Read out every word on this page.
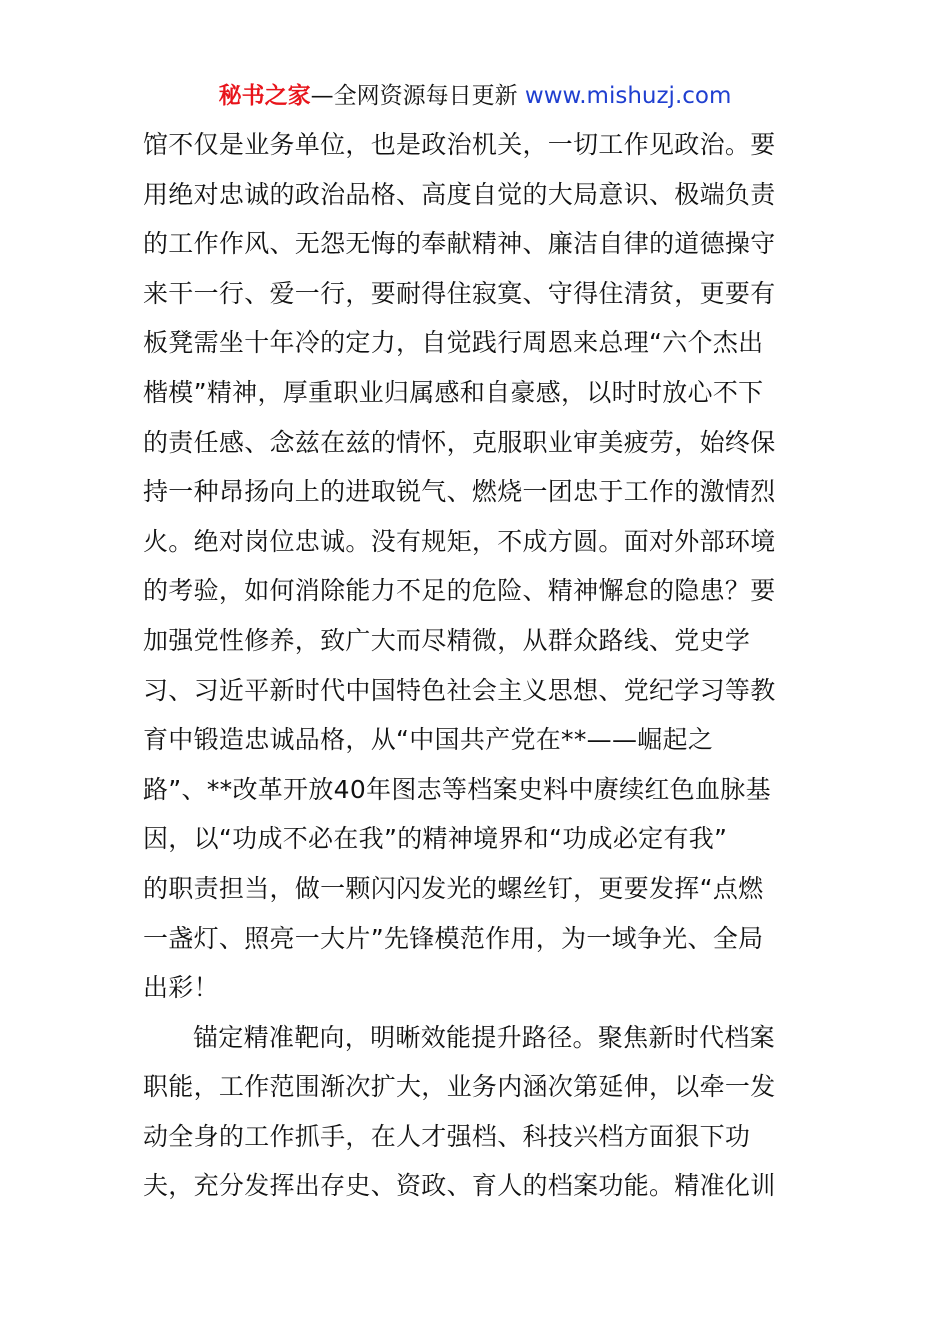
秘书之家—全网资源每日更新 www.mishuzj.com
馆不仅是业务单位，也是政治机关，一切工作见政治。要
用绝对忠诚的政治品格、高度自觉的大局意识、极端负责
的工作作风、无怨无悔的奉献精神、廉洁自律的道德操守
来干一行、爱一行，要耐得住寂寞、守得住清贫，更要有
板凳需坐十年冷的定力，自觉践行周恩来总理“六个杰出
楷模”精神，厚重职业归属感和自豪感，以时时放心不下
的责任感、念兹在兹的情怀，克服职业审美疲劳，始终保
持一种昂扬向上的进取锐气、燃烧一团忠于工作的激情烈
火。绝对岗位忠诚。没有规矩，不成方圆。面对外部环境
的考验，如何消除能力不足的危险、精神懈怠的隐患？要
加强党性修养，致广大而尽精微，从群众路线、党史学
习、习近平新时代中国特色社会主义思想、党纪学习等教
育中锻造忠诚品格，从“中国共产党在**——崛起之
路”、**改革开放40年图志等档案史料中赓续红色血脉基
因，以“功成不必在我”的精神境界和“功成必定有我”
的职责担当，做一颗闪闪发光的螺丝钉，更要发挥“点燃
一盏灯、照亮一大片”先锋模范作用，为一域争光、全局
出彩！
锚定精准靶向，明晰效能提升路径。聚焦新时代档案
职能，工作范围渐次扩大，业务内涵次第延伸，以牵一发
动全身的工作抓手，在人才强档、科技兴档方面狠下功
夫，充分发挥出存史、资政、育人的档案功能。精准化训
